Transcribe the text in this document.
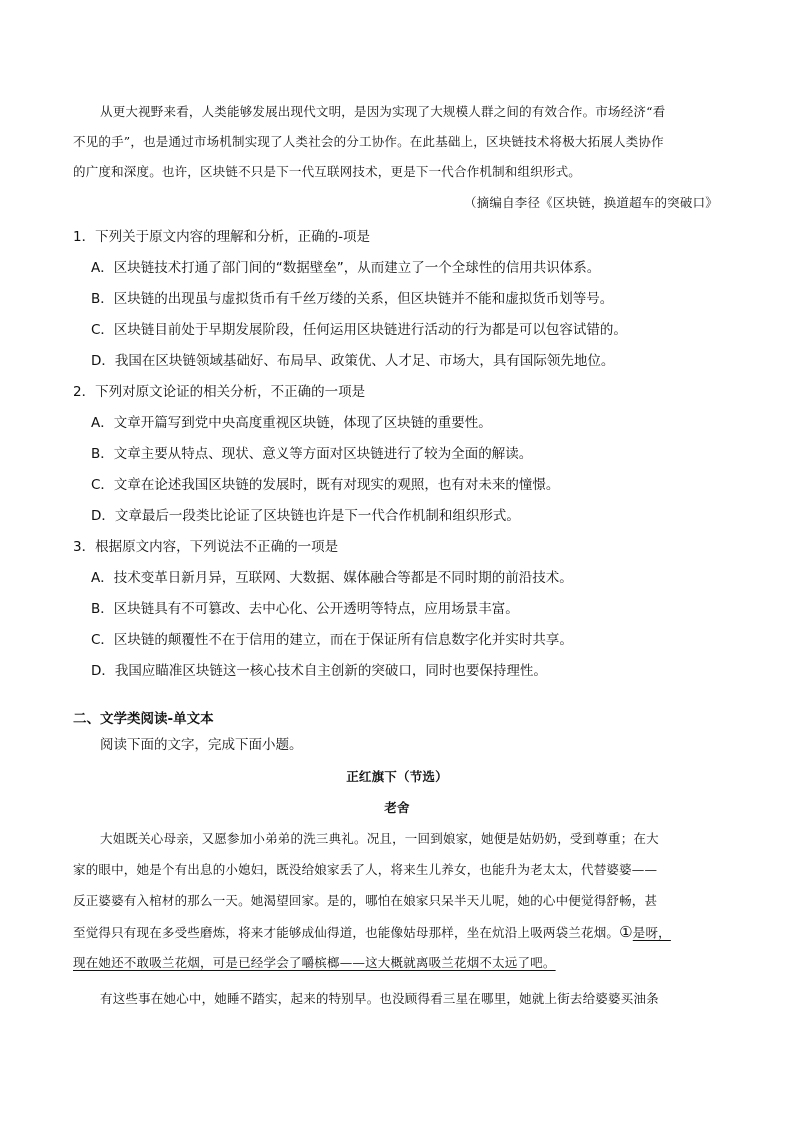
从更大视野来看，人类能够发展出现代文明，是因为实现了大规模人群之间的有效合作。市场经济“看
不见的手”，也是通过市场机制实现了人类社会的分工协作。在此基础上，区块链技术将极大拓展人类协作
的广度和深度。也许，区块链不只是下一代互联网技术，更是下一代合作机制和组织形式。
（摘编自李径《区块链，换道超车的突破口》
1．下列关于原文内容的理解和分析，正确的-项是
A．区块链技术打通了部门间的“数据壁垒”，从而建立了一个全球性的信用共识体系。
B．区块链的出现虽与虚拟货币有千丝万缕的关系，但区块链并不能和虚拟货币划等号。
C．区块链目前处于早期发展阶段，任何运用区块链进行活动的行为都是可以包容试错的。
D．我国在区块链领域基础好、布局早、政策优、人才足、市场大，具有国际领先地位。
2．下列对原文论证的相关分析，不正确的一项是
A．文章开篇写到党中央高度重视区块链，体现了区块链的重要性。
B．文章主要从特点、现状、意义等方面对区块链进行了较为全面的解读。
C．文章在论述我国区块链的发展时，既有对现实的观照，也有对未来的憧憬。
D．文章最后一段类比论证了区块链也许是下一代合作机制和组织形式。
3．根据原文内容，下列说法不正确的一项是
A．技术变革日新月异，互联网、大数据、媒体融合等都是不同时期的前沿技术。
B．区块链具有不可篡改、去中心化、公开透明等特点，应用场景丰富。
C．区块链的颠覆性不在于信用的建立，而在于保证所有信息数字化并实时共享。
D．我国应瞄准区块链这一核心技术自主创新的突破口，同时也要保持理性。
二、文学类阅读-单文本
阅读下面的文字，完成下面小题。
正红旗下（节选）
老舍
大姐既关心母亲，又愿参加小弟弟的洗三典礼。况且，一回到娘家，她便是姑奶奶，受到尊重；在大
家的眼中，她是个有出息的小媳妇，既没给娘家丢了人，将来生儿养女，也能升为老太太，代替婆婆——
反正婆婆有入棺材的那么一天。她渴望回家。是的，哪怕在娘家只呆半天儿呢，她的心中便觉得舒畅，甚
至觉得只有现在多受些磨炼，将来才能够成仙得道，也能像姑母那样，坐在炕沿上吸两袋兰花烟。①是呀，
现在她还不敢吸兰花烟，可是已经学会了嚼槟榔——这大概就离吸兰花烟不太远了吧。
有这些事在她心中，她睡不踏实，起来的特别早。也没顾得看三星在哪里，她就上街去给婆婆买油条
